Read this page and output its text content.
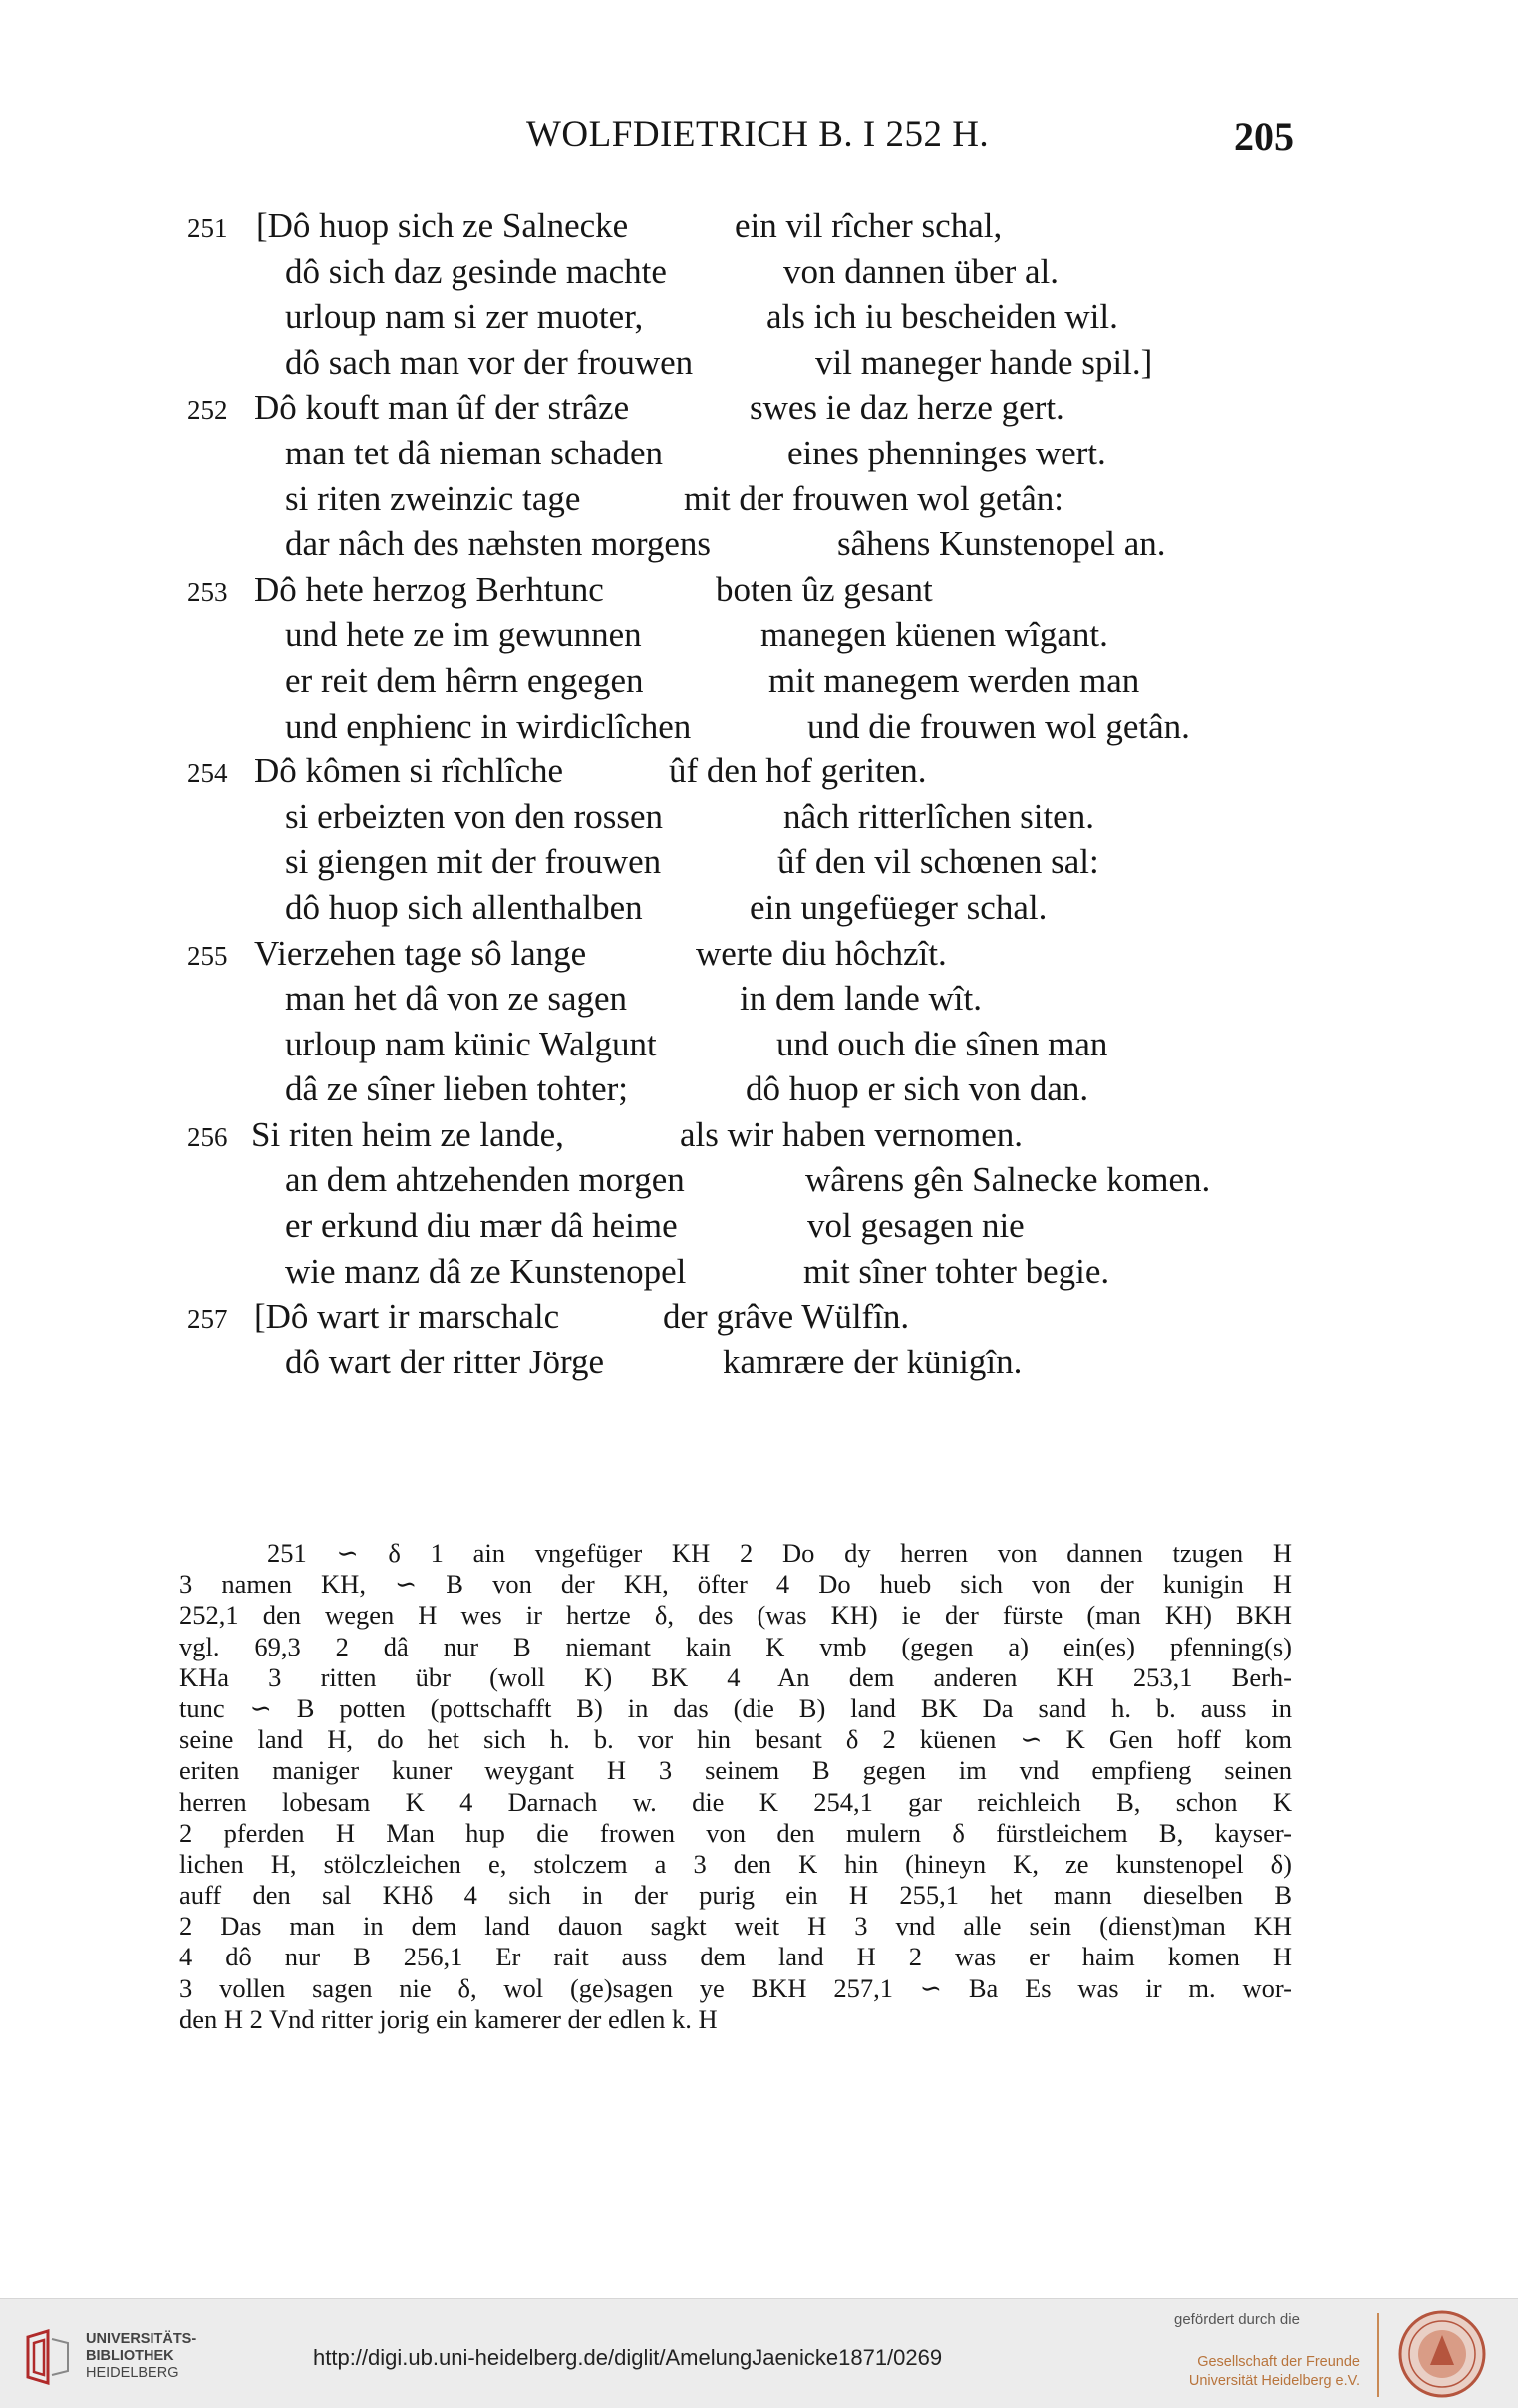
WOLFDIETRICH B. I 252 H.	205
251 [Dô huop sich ze Salnecke	ein vil rîcher schal,
dô sich daz gesinde machte	von dannen über al.
urloup nam si zer muoter,	als ich iu bescheiden wil.
dô sach man vor der frouwen	vil maneger hande spil.]
252 Dô kouft man ûf der strâze	swes ie daz herze gert.
man tet dâ nieman schaden	eines phenninges wert.
si riten zweinzic tage	mit der frouwen wol getân:
dar nâch des næhsten morgens	sâhens Kunstenopel an.
253 Dô hete herzog Berhtunc	boten ûz gesant
und hete ze im gewunnen	manegen küenen wîgant.
er reit dem hêrrn engegen	mit manegem werden man
und enphienc in wirdiclîchen	und die frouwen wol getân.
254 Dô kômen si rîchlîche	ûf den hof geriten.
si erbeizten von den rossen	nâch ritterlîchen siten.
si giengen mit der frouwen	ûf den vil schœnen sal:
dô huop sich allenthalben	ein ungefüeger schal.
255 Vierzehen tage sô lange	werte diu hôchzît.
man het dâ von ze sagen	in dem lande wît.
urloup nam künic Walgunt	und ouch die sînen man
dâ ze sîner lieben tohter;	dô huop er sich von dan.
256 Si riten heim ze lande,	als wir haben vernomen.
an dem ahtzehenden morgen	wârens gên Salnecke komen.
er erkund diu mær dâ heime	vol gesagen nie
wie manz dâ ze Kunstenopel	mit sîner tohter begie.
257 [Dô wart ir marschalc	der grâve Wülfîn.
dô wart der ritter Jörge	kamrære der künigîn.
251 ∽ δ 1 ain vngefüger KH 2 Do dy herren von dannen tzugen H
3 namen KH, ∽ B von der KH, öfter 4 Do hueb sich von der kunigin H
252,1 den wegen H wes ir hertze δ, des (was KH) ie der fürste (man KH) BKH
vgl. 69,3 2 dâ nur B niemant kain K vmb (gegen a) ein(es) pfenning(s)
KHa 3 ritten übr (woll K) BK 4 An dem anderen KH 253,1 Berh-
tunc ∽ B potten (pottschafft B) in das (die B) land BK Da sand h. b. auss in
seine land H, do het sich h. b. vor hin besant δ 2 küenen ∽ K Gen hoff kom
eriten maniger kuner weygant H 3 seinem B gegen im vnd empfieng seinen
herren lobesam K 4 Darnach w. die K 254,1 gar reichleich B, schon K
2 pferden H Man hup die frowen von den mulern δ fürstleichem B, kayser-
lichen H, stölczleichen e, stolczem a 3 den K hin (hineyn K, ze kunstenopel δ)
auff den sal KHδ 4 sich in der purig ein H 255,1 het mann dieselben B
2 Das man in dem land dauon sagkt weit H 3 vnd alle sein (dienst)man KH
4 dô nur B 256,1 Er rait auss dem land H 2 was er haim komen H
3 vollen sagen nie δ, wol (ge)sagen ye BKH 257,1 ∽ Ba Es was ir m. wor-
den H 2 Vnd ritter jorig ein kamerer der edlen k. H
UNIVERSITÄTS-
BIBLIOTHEK
HEIDELBERG
http://digi.ub.uni-heidelberg.de/diglit/AmelungJaenicke1871/0269
gefördert durch die
Gesellschaft der Freunde
Universität Heidelberg e.V.
